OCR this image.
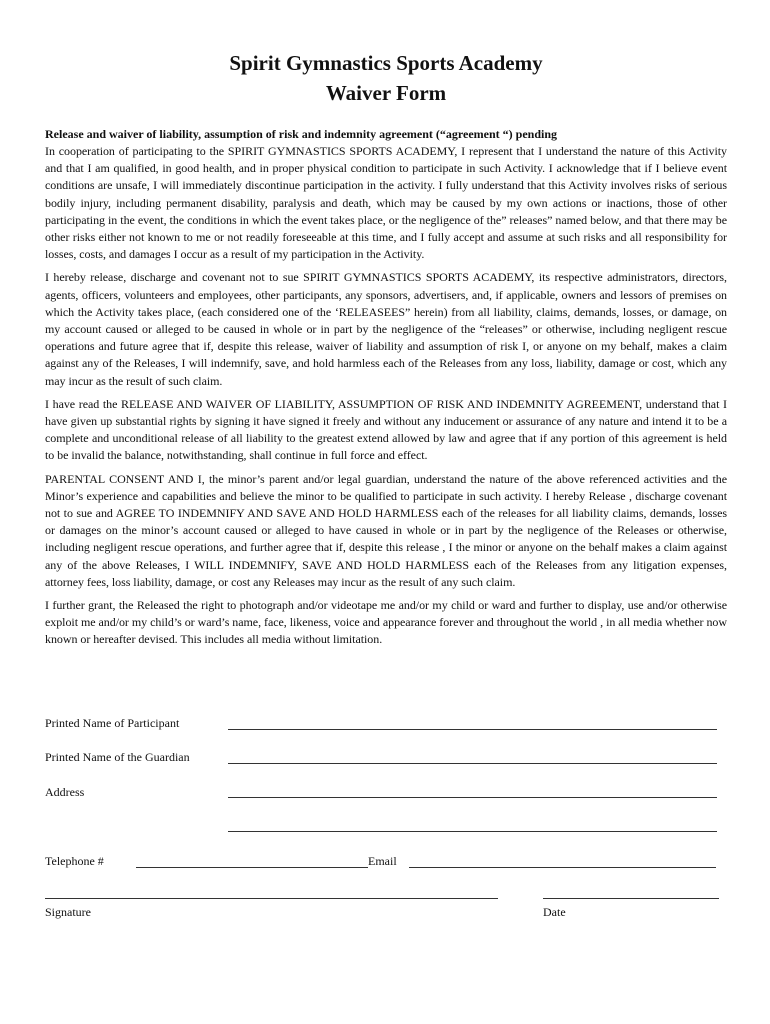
Spirit Gymnastics Sports Academy
Waiver Form
Release and waiver of liability, assumption of risk and indemnity agreement (“agreement “) pending

In cooperation of participating to the SPIRIT GYMNASTICS SPORTS ACADEMY, I represent that I understand the nature of this Activity and that I am qualified, in good health, and in proper physical condition to participate in such Activity. I acknowledge that if I believe event conditions are unsafe, I will immediately discontinue participation in the activity. I fully understand that this Activity involves risks of serious bodily injury, including permanent disability, paralysis and death, which may be caused by my own actions or inactions, those of other participating in the event, the conditions in which the event takes place, or the negligence of the” releases” named below, and that there may be other risks either not known to me or not readily foreseeable at this time, and I fully accept and assume at such risks and all responsibility for losses, costs, and damages I occur as a result of my participation in the Activity.

I hereby release, discharge and covenant not to sue SPIRIT GYMNASTICS SPORTS ACADEMY, its respective administrators, directors, agents, officers, volunteers and employees, other participants, any sponsors, advertisers, and, if applicable, owners and lessors of premises on which the Activity takes place, (each considered one of the ‘RELEASEES” herein) from all liability, claims, demands, losses, or damage, on my account caused or alleged to be caused in whole or in part by the negligence of the “releases” or otherwise, including negligent rescue operations and future agree that if, despite this release, waiver of liability and assumption of risk I, or anyone on my behalf, makes a claim against any of the Releases, I will indemnify, save, and hold harmless each of the Releases from any loss, liability, damage or cost, which any may incur as the result of such claim.

I have read the RELEASE AND WAIVER OF LIABILITY, ASSUMPTION OF RISK AND INDEMNITY AGREEMENT, understand that I have given up substantial rights by signing it have signed it freely and without any inducement or assurance of any nature and intend it to be a complete and unconditional release of all liability to the greatest extend allowed by law and agree that if any portion of this agreement is held to be invalid the balance, notwithstanding, shall continue in full force and effect.

PARENTAL CONSENT AND I, the minor’s parent and/or legal guardian, understand the nature of the above referenced activities and the Minor’s experience and capabilities and believe the minor to be qualified to participate in such activity. I hereby Release , discharge covenant not to sue and AGREE TO INDEMNIFY AND SAVE AND HOLD HARMLESS each of the releases for all liability claims, demands, losses or damages on the minor’s account caused or alleged to have caused in whole or in part by the negligence of the Releases or otherwise, including negligent rescue operations, and further agree that if, despite this release , I the minor or anyone on the behalf makes a claim against any of the above Releases, I WILL INDEMNIFY, SAVE AND HOLD HARMLESS each of the Releases from any litigation expenses, attorney fees, loss liability, damage, or cost any Releases may incur as the result of any such claim.

I further grant, the Released the right to photograph and/or videotape me and/or my child or ward and further to display, use and/or otherwise exploit me and/or my child’s or ward’s name, face, likeness, voice and appearance forever and throughout the world , in all media whether now known or hereafter devised. This includes all media without limitation.

Printed Name of Participant
Printed Name of the Guardian
Address
Telephone #	Email
Signature	Date
